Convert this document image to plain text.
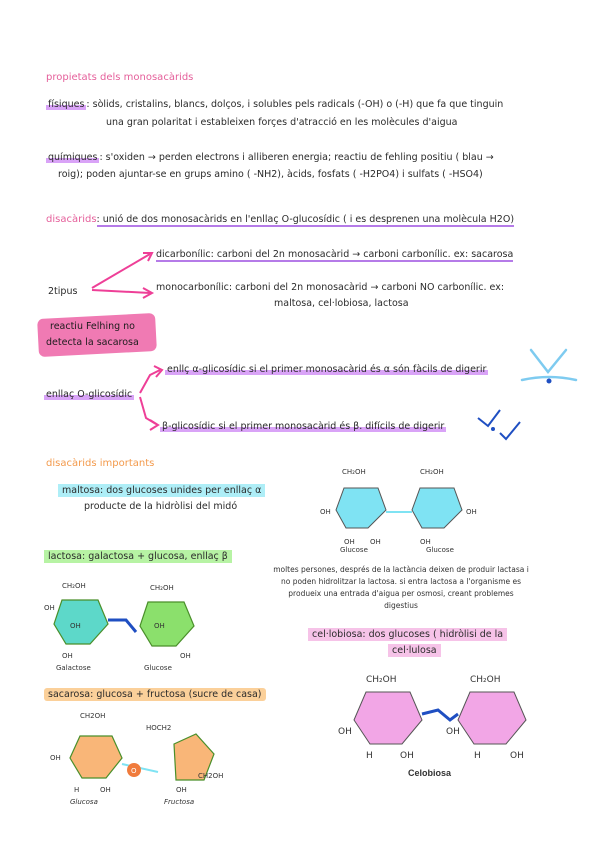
propietats dels monosacàrids
físiques : sòlids, cristalins, blancs, dolços, i solubles pels radicals (-OH) o (-H) que fa que tinguin
una gran polaritat i estableixen forçes d'atracció en les molècules d'aigua
químiques : s'oxiden → perden electrons i alliberen energia; reactiu de fehling positiu ( blau →
roig); poden ajuntar-se en grups amino ( -NH2), àcids, fosfats ( -H2PO4) i sulfats ( -HSO4)
disacàrids: unió de dos monosacàrids en l'enllaç O-glucosídic ( i es desprenen una molècula H2O)
dicarbonílic: carboni del 2n monosacàrid → carboni carbonílic. ex: sacarosa
2tipus	monocarbonílic: carboni del 2n monosacàrid → carboni NO carbonílic. ex:
maltosa, cel·lobiosa, lactosa
reactiu Felhing no
detecta la sacarosa
enllaç O-glicosídic
enllç α-glicosídic si el primer monosacàrid és α són fàcils de digerir
β-glicosídic si el primer monosacàrid és β. difícils de digerir
disacàrids importants
maltosa: dos glucoses unides per enllaç α
producte de la hidròlisi del midó
CH₂OH	CH₂OH
OH
OH OH	OH
OH
Glucose	Glucose
lactosa: galactosa + glucosa, enllaç β
CH₂OH	CH₂OH
OH	OH
OH
OH	OH
Galactose	Glucose
moltes persones, després de la lactància deixen de produir lactasa i no poden hidrolitzar la lactosa. si entra lactosa a l'organisme es produeix una entrada d'aigua per osmosi, creant problemes digestius
cel·lobiosa: dos glucoses ( hidròlisi de la
cel·lulosa
CH₂OH	CH₂OH
OH
H	OH
OH
H	OH
Celobiosa
sacarosa: glucosa + fructosa (sucre de casa)
O
CH2OH
HOCH2
CH2OH
OH
H	OH	OH
Glucosa	Fructosa
